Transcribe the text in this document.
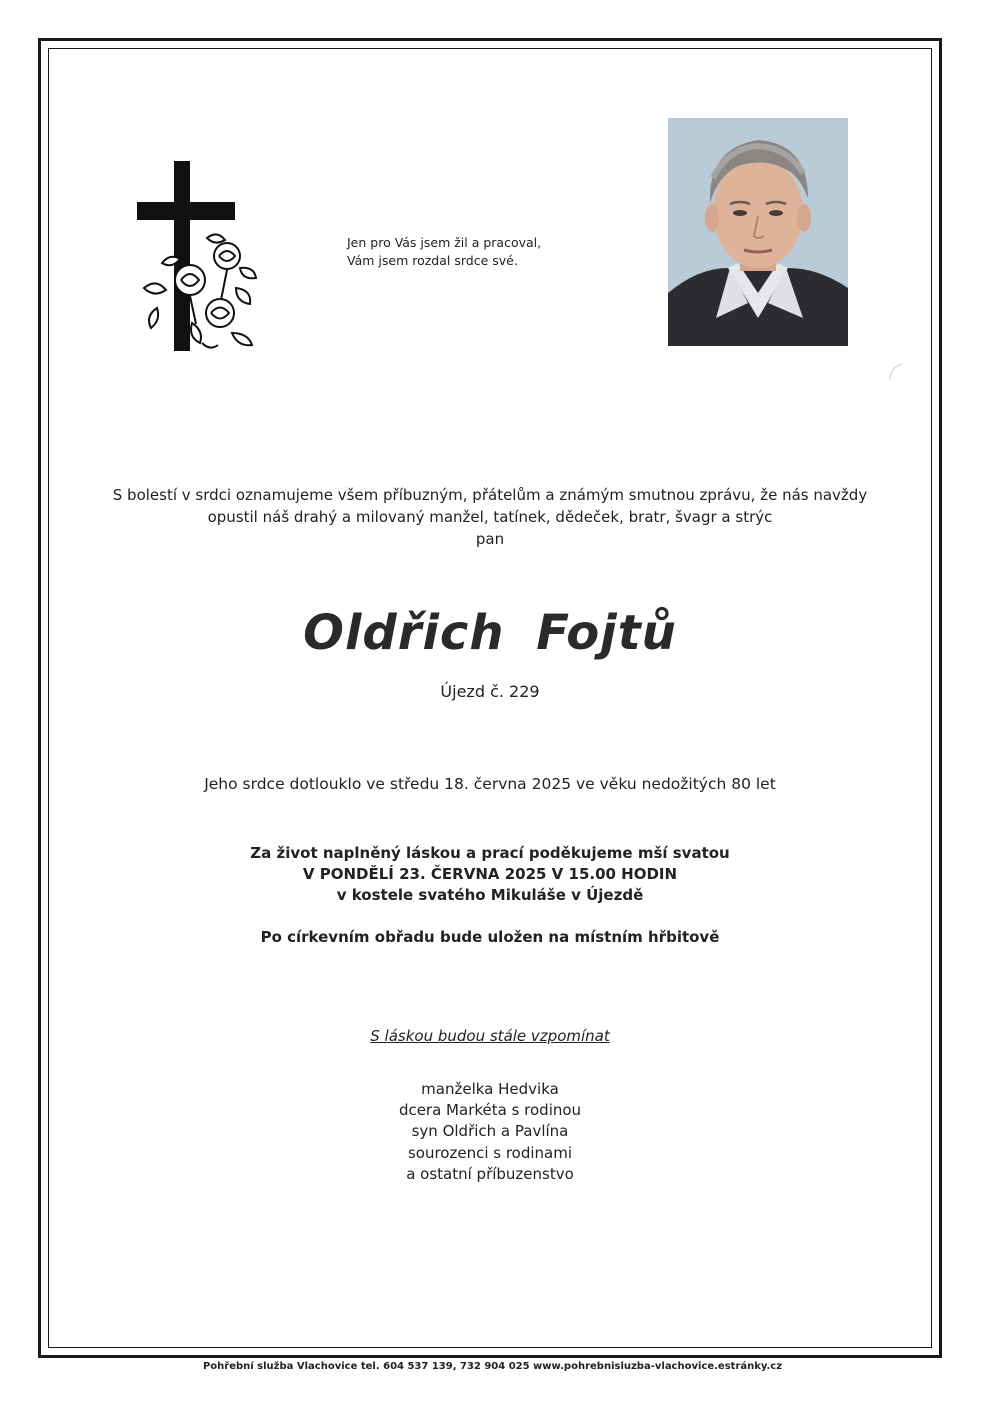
Jen pro Vás jsem žil a pracoval,
Vám jsem rozdal srdce své.
S bolestí v srdci oznamujeme všem příbuzným, přátelům a známým smutnou zprávu, že nás navždy
opustil náš drahý a milovaný manžel, tatínek, dědeček, bratr, švagr a strýc
pan
Oldřich Fojtů
Újezd č. 229
Jeho srdce dotlouklo ve středu 18. června 2025 ve věku nedožitých 80 let
Za život naplněný láskou a prací poděkujeme mší svatou
V PONDĚLÍ 23. ČERVNA 2025 V 15.00 HODIN
v kostele svatého Mikuláše v Újezdě
Po církevním obřadu bude uložen na místním hřbitově
S láskou budou stále vzpomínat
manželka Hedvika
dcera Markéta s rodinou
syn Oldřich a Pavlína
sourozenci s rodinami
a ostatní příbuzenstvo
Pohřební služba Vlachovice tel. 604 537 139, 732 904 025 www.pohrebnisluzba-vlachovice.estránky.cz
